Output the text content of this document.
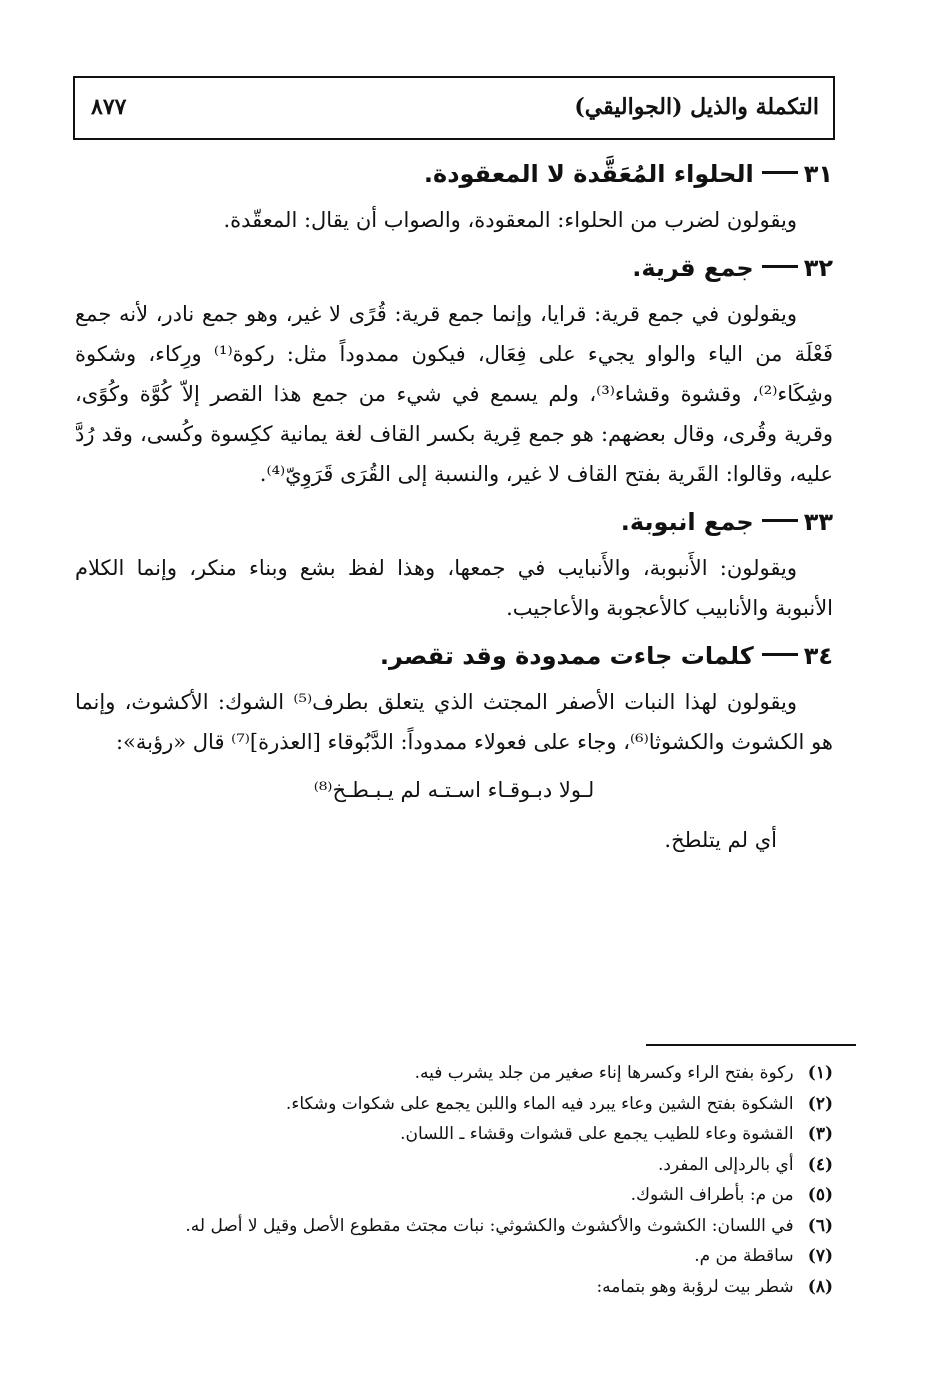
التكملة والذيل (الجواليقي)
٨٧٧
٣١الحلواء المُعَقَّدة لا المعقودة.

ويقولون لضرب من الحلواء: المعقودة، والصواب أن يقال: المعقّدة.

٣٢جمع قرية.

ويقولون في جمع قرية: قرايا، وإنما جمع قرية: قُرًى لا غير، وهو جمع نادر، لأنه جمع فَعْلَة من الياء والواو يجيء على فِعَال، فيكون ممدوداً مثل: ركوة⁽¹⁾ ورِكاء، وشكوة وشِكَاء⁽²⁾، وقشوة وقشاء⁽³⁾، ولم يسمع في شيء من جمع هذا القصر إلاّ كُوَّة وكُوًى، وقرية وقُرى، وقال بعضهم: هو جمع قِرية بكسر القاف لغة يمانية ككِسوة وكُسى، وقد رُدَّ عليه، وقالوا: القَرية بفتح القاف لا غير، والنسبة إلى القُرَى قَرَوِيّ⁽⁴⁾.

٣٣جمع انبوبة.

ويقولون: الأَنبوبة، والأَنبايب في جمعها، وهذا لفظ بشع وبناء منكر، وإنما الكلام الأنبوبة والأنابيب كالأعجوبة والأعاجيب.

٣٤كلمات جاءت ممدودة وقد تقصر.

ويقولون لهذا النبات الأصفر المجتث الذي يتعلق بطرف⁽⁵⁾ الشوك: الأكشوث، وإنما هو الكشوث والكشوثا⁽⁶⁾، وجاء على فعولاء ممدوداً: الدَّبُوقاء [العذرة]⁽⁷⁾ قال «رؤبة»:

لـولا دبـوقـاء اسـتـه لم يـبـطـخ⁽⁸⁾
أي لم يتلطخ.
(١) ركوة بفتح الراء وكسرها إناء صغير من جلد يشرب فيه.
(٢) الشكوة بفتح الشين وعاء يبرد فيه الماء واللبن يجمع على شكوات وشكاء.
(٣) القشوة وعاء للطيب يجمع على قشوات وقشاء ـ اللسان.
(٤) أي بالردإلى المفرد.
(٥) من م: بأطراف الشوك.
(٦) في اللسان: الكشوث والأكشوث والكشوثي: نبات مجتث مقطوع الأصل وقيل لا أصل له.
(٧) ساقطة من م.
(٨) شطر بيت لرؤبة وهو بتمامه:
